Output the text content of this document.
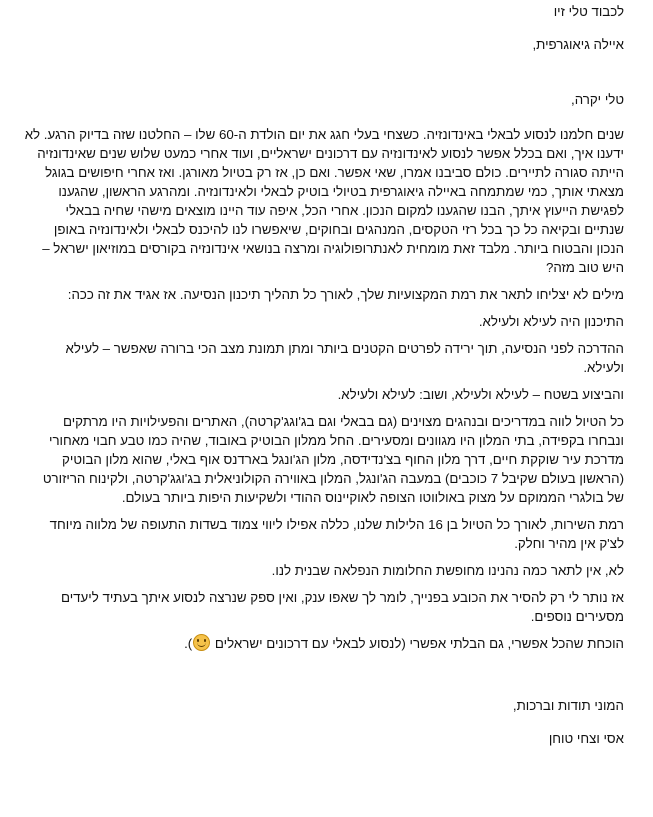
לכבוד טלי זיו

איילה גיאוגרפית,

טלי יקרה,

שנים חלמנו לנסוע לבאלי באינדונזיה. כשצחי בעלי חגג את יום הולדת ה-60 שלו – החלטנו שזה בדיוק הרגע. לא ידענו איך, ואם בכלל אפשר לנסוע לאינדונזיה עם דרכונים ישראליים, ועוד אחרי כמעט שלוש שנים שאינדונזיה הייתה סגורה לתיירים. כולם סביבנו אמרו, שאי אפשר. ואם כן, אז רק בטיול מאורגן. ואז אחרי חיפושים בגוגל מצאתי אותך, כמי שמתמחה באיילה גיאוגרפית בטיולי בוטיק לבאלי ולאינדונזיה. ומהרגע הראשון, שהגענו לפגישת הייעוץ איתך, הבנו שהגענו למקום הנכון. אחרי הכל, איפה עוד היינו מוצאים מישהי שחיה בבאלי שנתיים ובקיאה כל כך בכל רזי הטקסים, המנהגים ובחוקים, שיאפשרו לנו להיכנס לבאלי ולאינדונזיה באופן הנכון והבטוח ביותר. מלבד זאת מומחית לאנתרופולוגיה ומרצה בנושאי אינדונזיה בקורסים במוזיאון ישראל – היש טוב מזה?

מילים לא יצליחו לתאר את רמת המקצועיות שלך, לאורך כל תהליך תיכנון הנסיעה. אז אגיד את זה ככה:

התיכנון היה לעילא ולעילא.

ההדרכה לפני הנסיעה, תוך ירידה לפרטים הקטנים ביותר ומתן תמונת מצב הכי ברורה שאפשר – לעילא ולעילא.

והביצוע בשטח – לעילא ולעילא, ושוב: לעילא ולעילא.

כל הטיול לווה במדריכים ובנהגים מצוינים (גם בבאלי וגם בג'וגג'קרטה), האתרים והפעילויות היו מרתקים ונבחרו בקפידה, בתי המלון היו מגוונים ומסעירים. החל ממלון הבוטיק באובוד, שהיה כמו טבע חבוי מאחורי מדרכת עיר שוקקת חיים, דרך מלון החוף בצ'נדידסה, מלון הג'ונגל בארדנס אוף באלי, שהוא מלון הבוטיק (הראשון בעולם שקיבל 7 כוכבים) במעבה הג'ונגל, המלון באווירה הקולוניאלית בג'וגג'קרטה, ולקינוח הריזורט של בולגרי הממוקם על מצוק באולווטו הצופה לאוקיינוס ההודי ולשקיעות היפות ביותר בעולם.

רמת השירות, לאורך כל הטיול בן 16 הלילות שלנו, כללה אפילו ליווי צמוד בשדות התעופה של מלווה מיוחד לצ'ק אין מהיר וחלק.

לא, אין לתאר כמה נהנינו מחופשת החלומות הנפלאה שבנית לנו.

אז נותר לי רק להסיר את הכובע בפנייך, לומר לך שאפו ענק, ואין ספק שנרצה לנסוע איתך בעתיד ליעדים מסעירים נוספים.

הוכחת שהכל אפשרי, גם הבלתי אפשרי (לנסוע לבאלי עם דרכונים ישראלים ).

המוני תודות וברכות,

אסי וצחי טוחן
